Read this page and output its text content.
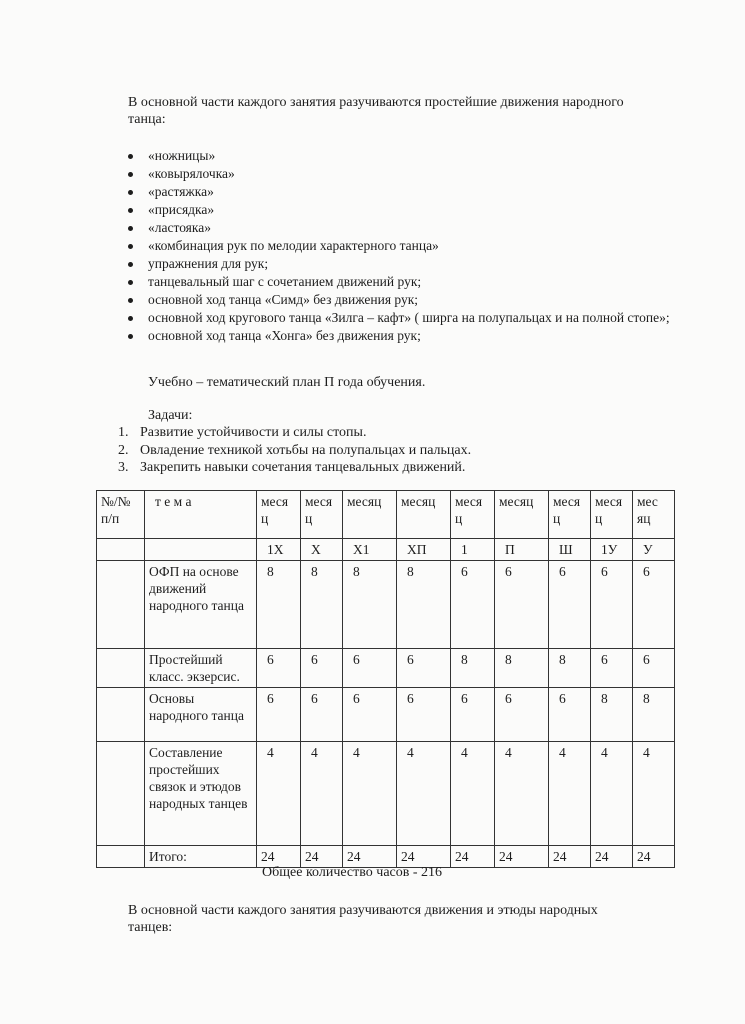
В основной части каждого занятия разучиваются простейшие движения народного
танца:
«ножницы»
«ковырялочка»
«растяжка»
«присядка»
«ластояка»
«комбинация рук по мелодии характерного танца»
упражнения для рук;
танцевальный шаг с сочетанием движений рук;
основной ход танца «Симд» без движения рук;
основной ход кругового танца «Зилга – кафт» ( ширга на полупальцах и на полной стопе»;
основной ход танца «Хонга» без движения рук;
Учебно – тематический план П года обучения.
Задачи:
1. Развитие устойчивости и силы стопы.
2. Овладение техникой хотьбы на полупальцах и пальцах.
3. Закрепить навыки сочетания танцевальных движений.
№/№ п/п	т е м а	меся ц	меся ц	месяц	месяц	меся ц	месяц	меся ц	меся ц	мес яц
		1Х	Х	Х1	ХП	1	П	Ш	1У	У
	ОФП на основе движений народного танца	8	8	8	8	6	6	6	6	6
	Простейший класс. экзерсис.	6	6	6	6	8	8	8	6	6
	Основы народного танца	6	6	6	6	6	6	6	8	8
	Составление простейших связок и этюдов народных танцев	4	4	4	4	4	4	4	4	4
	Итого:	24	24	24	24	24	24	24	24	24
Общее количество часов - 216
В основной части каждого занятия разучиваются движения и этюды народных
танцев:
